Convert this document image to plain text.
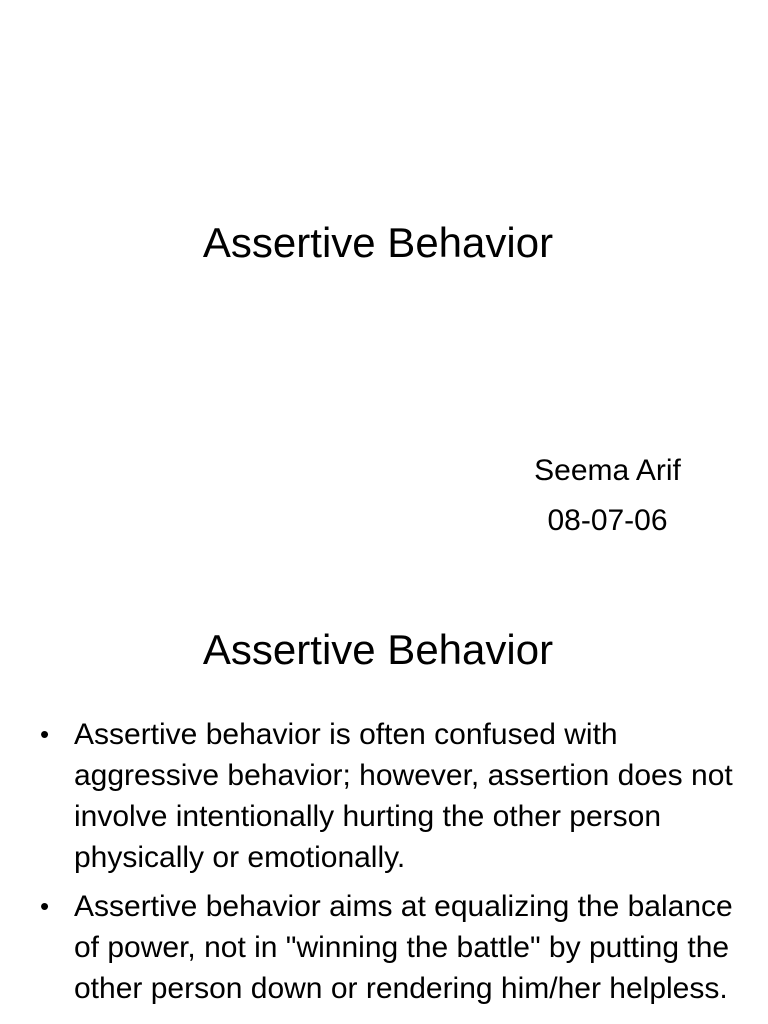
Assertive Behavior
Seema Arif
08-07-06
Assertive Behavior
• Assertive behavior is often confused with aggressive behavior; however, assertion does not involve intentionally hurting the other person physically or emotionally.
• Assertive behavior aims at equalizing the balance of power, not in "winning the battle" by putting the other person down or rendering him/her helpless.
